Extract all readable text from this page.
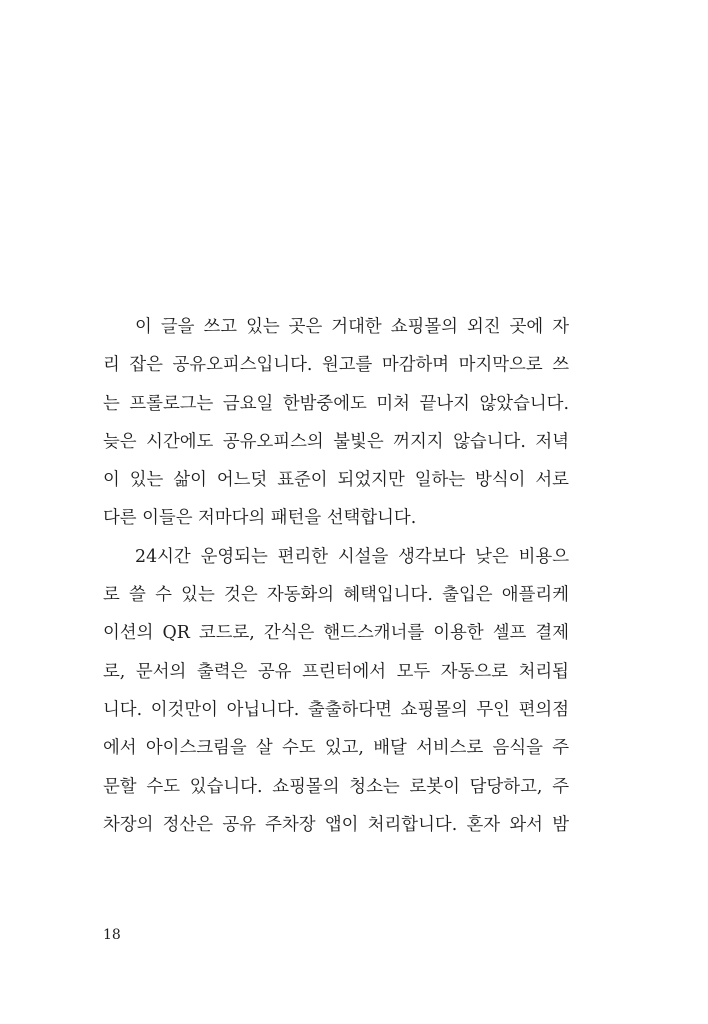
이 글을 쓰고 있는 곳은 거대한 쇼핑몰의 외진 곳에 자
리 잡은 공유오피스입니다. 원고를 마감하며 마지막으로 쓰
는 프롤로그는 금요일 한밤중에도 미처 끝나지 않았습니다.
늦은 시간에도 공유오피스의 불빛은 꺼지지 않습니다. 저녁
이 있는 삶이 어느덧 표준이 되었지만 일하는 방식이 서로
다른 이들은 저마다의 패턴을 선택합니다.
24시간 운영되는 편리한 시설을 생각보다 낮은 비용으
로 쓸 수 있는 것은 자동화의 혜택입니다. 출입은 애플리케
이션의 QR 코드로, 간식은 핸드스캐너를 이용한 셀프 결제
로, 문서의 출력은 공유 프린터에서 모두 자동으로 처리됩
니다. 이것만이 아닙니다. 출출하다면 쇼핑몰의 무인 편의점
에서 아이스크림을 살 수도 있고, 배달 서비스로 음식을 주
문할 수도 있습니다. 쇼핑몰의 청소는 로봇이 담당하고, 주
차장의 정산은 공유 주차장 앱이 처리합니다. 혼자 와서 밤
18
